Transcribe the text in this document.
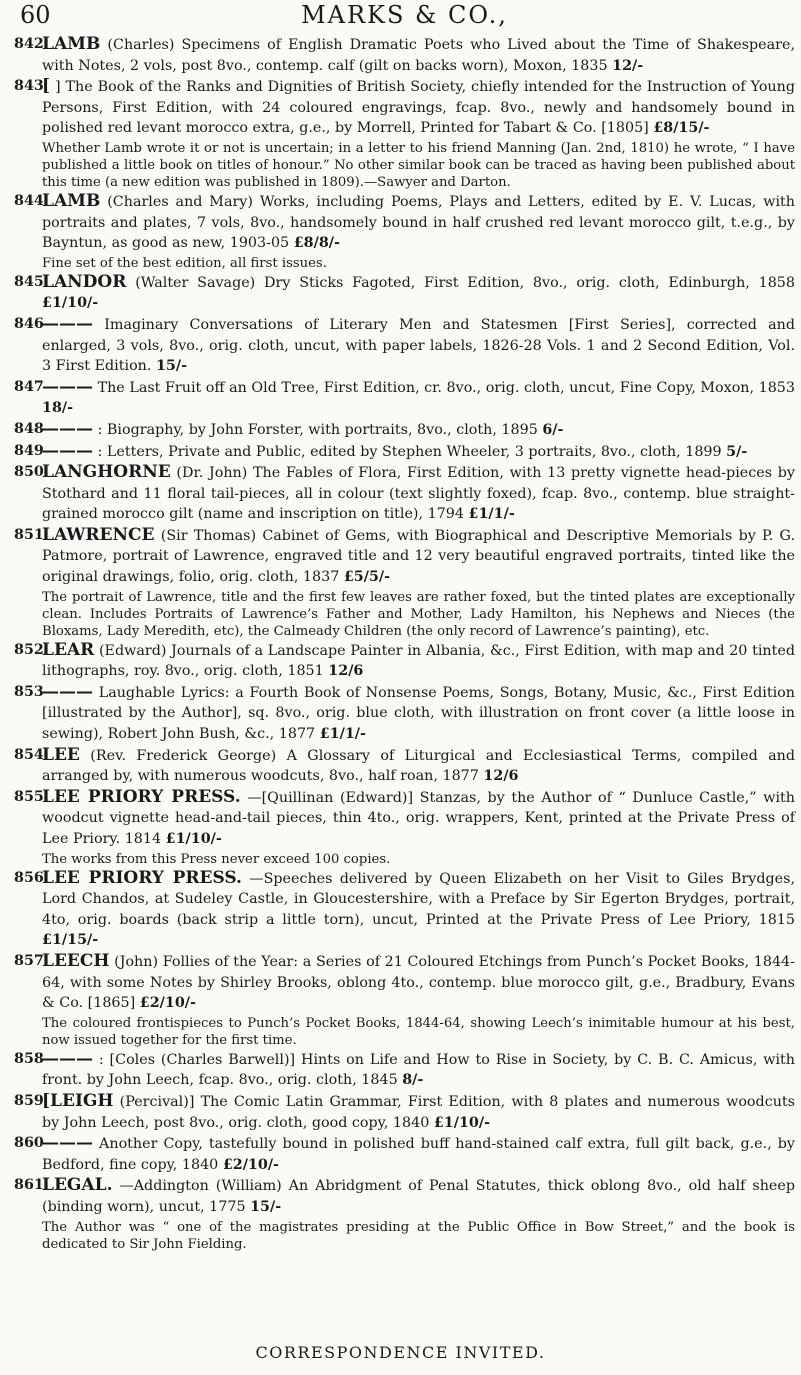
60	MARKS & CO.,

842
LAMB (Charles) Specimens of English Dramatic Poets who Lived about the Time of Shakespeare, with Notes, 2 vols, post 8vo., contemp. calf (gilt on backs worn), Moxon, 1835 12/-

843
[ ] The Book of the Ranks and Dignities of British Society, chiefly intended for the Instruction of Young Persons, First Edition, with 24 coloured engravings, fcap. 8vo., newly and handsomely bound in polished red levant morocco extra, g.e., by Morrell, Printed for Tabart & Co. [1805] £8/15/-
Whether Lamb wrote it or not is uncertain; in a letter to his friend Manning (Jan. 2nd, 1810) he wrote, “ I have published a little book on titles of honour.” No other similar book can be traced as having been published about this time (a new edition was published in 1809).—Sawyer and Darton.

844
LAMB (Charles and Mary) Works, including Poems, Plays and Letters, edited by E. V. Lucas, with portraits and plates, 7 vols, 8vo., handsomely bound in half crushed red levant morocco gilt, t.e.g., by Bayntun, as good as new, 1903-05 £8/8/-
Fine set of the best edition, all first issues.

845
LANDOR (Walter Savage) Dry Sticks Fagoted, First Edition, 8vo., orig. cloth, Edinburgh, 1858 £1/10/-

846
——— Imaginary Conversations of Literary Men and Statesmen [First Series], corrected and enlarged, 3 vols, 8vo., orig. cloth, uncut, with paper labels, 1826-28 Vols. 1 and 2 Second Edition, Vol. 3 First Edition. 15/-

847
——— The Last Fruit off an Old Tree, First Edition, cr. 8vo., orig. cloth, uncut, Fine Copy, Moxon, 1853 18/-

848
——— : Biography, by John Forster, with portraits, 8vo., cloth, 1895 6/-

849
——— : Letters, Private and Public, edited by Stephen Wheeler, 3 portraits, 8vo., cloth, 1899 5/-

850
LANGHORNE (Dr. John) The Fables of Flora, First Edition, with 13 pretty vignette head-pieces by Stothard and 11 floral tail-pieces, all in colour (text slightly foxed), fcap. 8vo., contemp. blue straight-grained morocco gilt (name and inscription on title), 1794 £1/1/-

851
LAWRENCE (Sir Thomas) Cabinet of Gems, with Biographical and Descriptive Memorials by P. G. Patmore, portrait of Lawrence, engraved title and 12 very beautiful engraved portraits, tinted like the original drawings, folio, orig. cloth, 1837 £5/5/-
The portrait of Lawrence, title and the first few leaves are rather foxed, but the tinted plates are exceptionally clean. Includes Portraits of Lawrence’s Father and Mother, Lady Hamilton, his Nephews and Nieces (the Bloxams, Lady Meredith, etc), the Calmeady Children (the only record of Lawrence’s painting), etc.

852
LEAR (Edward) Journals of a Landscape Painter in Albania, &c., First Edition, with map and 20 tinted lithographs, roy. 8vo., orig. cloth, 1851 12/6

853
——— Laughable Lyrics: a Fourth Book of Nonsense Poems, Songs, Botany, Music, &c., First Edition [illustrated by the Author], sq. 8vo., orig. blue cloth, with illustration on front cover (a little loose in sewing), Robert John Bush, &c., 1877 £1/1/-

854
LEE (Rev. Frederick George) A Glossary of Liturgical and Ecclesiastical Terms, compiled and arranged by, with numerous woodcuts, 8vo., half roan, 1877 12/6

855
LEE PRIORY PRESS. —[Quillinan (Edward)] Stanzas, by the Author of “ Dunluce Castle,” with woodcut vignette head-and-tail pieces, thin 4to., orig. wrappers, Kent, printed at the Private Press of Lee Priory. 1814 £1/10/-
The works from this Press never exceed 100 copies.

856
LEE PRIORY PRESS. —Speeches delivered by Queen Elizabeth on her Visit to Giles Brydges, Lord Chandos, at Sudeley Castle, in Gloucestershire, with a Preface by Sir Egerton Brydges, portrait, 4to, orig. boards (back strip a little torn), uncut, Printed at the Private Press of Lee Priory, 1815 £1/15/-

857
LEECH (John) Follies of the Year: a Series of 21 Coloured Etchings from Punch’s Pocket Books, 1844-64, with some Notes by Shirley Brooks, oblong 4to., contemp. blue morocco gilt, g.e., Bradbury, Evans & Co. [1865] £2/10/-
The coloured frontispieces to Punch’s Pocket Books, 1844-64, showing Leech’s inimitable humour at his best, now issued together for the first time.

858
——— : [Coles (Charles Barwell)] Hints on Life and How to Rise in Society, by C. B. C. Amicus, with front. by John Leech, fcap. 8vo., orig. cloth, 1845 8/-

859
[LEIGH (Percival)] The Comic Latin Grammar, First Edition, with 8 plates and numerous woodcuts by John Leech, post 8vo., orig. cloth, good copy, 1840 £1/10/-

860
——— Another Copy, tastefully bound in polished buff hand-stained calf extra, full gilt back, g.e., by Bedford, fine copy, 1840 £2/10/-

861
LEGAL. —Addington (William) An Abridgment of Penal Statutes, thick oblong 8vo., old half sheep (binding worn), uncut, 1775 15/-
The Author was “ one of the magistrates presiding at the Public Office in Bow Street,” and the book is dedicated to Sir John Fielding.

CORRESPONDENCE INVITED.
